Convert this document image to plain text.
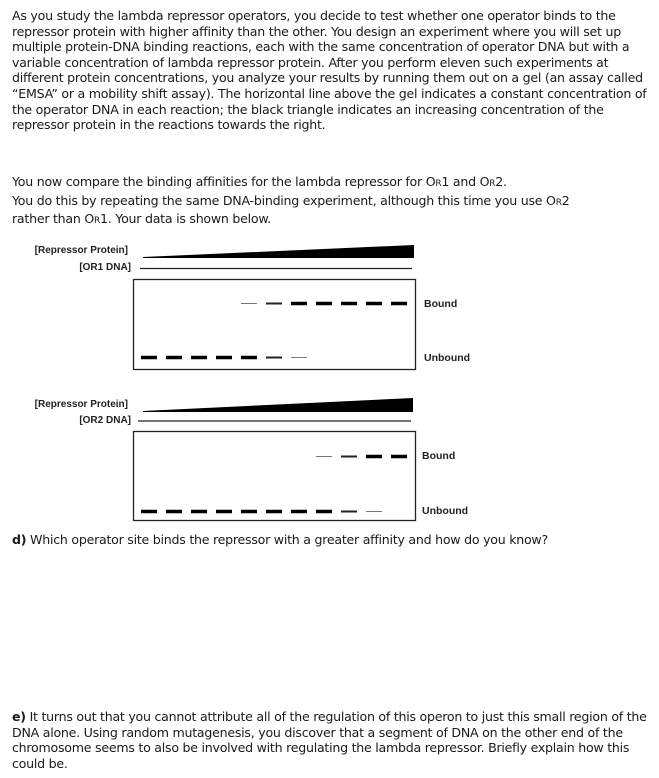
As you study the lambda repressor operators, you decide to test whether one operator binds to the repressor protein with higher affinity than the other. You design an experiment where you will set up multiple protein-DNA binding reactions, each with the same concentration of operator DNA but with a variable concentration of lambda repressor protein. After you perform eleven such experiments at different protein concentrations, you analyze your results by running them out on a gel (an assay called “EMSA” or a mobility shift assay). The horizontal line above the gel indicates a constant concentration of the operator DNA in each reaction; the black triangle indicates an increasing concentration of the repressor protein in the reactions towards the right.

You now compare the binding affinities for the lambda repressor for OR1 and OR2.
You do this by repeating the same DNA-binding experiment, although this time you use OR2
rather than OR1. Your data is shown below.

[Repressor Protein]
[OR1 DNA]
Bound
Unbound
[Repressor Protein]
[OR2 DNA]
Bound
Unbound

d) Which operator site binds the repressor with a greater affinity and how do you know?

e) It turns out that you cannot attribute all of the regulation of this operon to just this small region of the DNA alone. Using random mutagenesis, you discover that a segment of DNA on the other end of the chromosome seems to also be involved with regulating the lambda repressor. Briefly explain how this could be.
